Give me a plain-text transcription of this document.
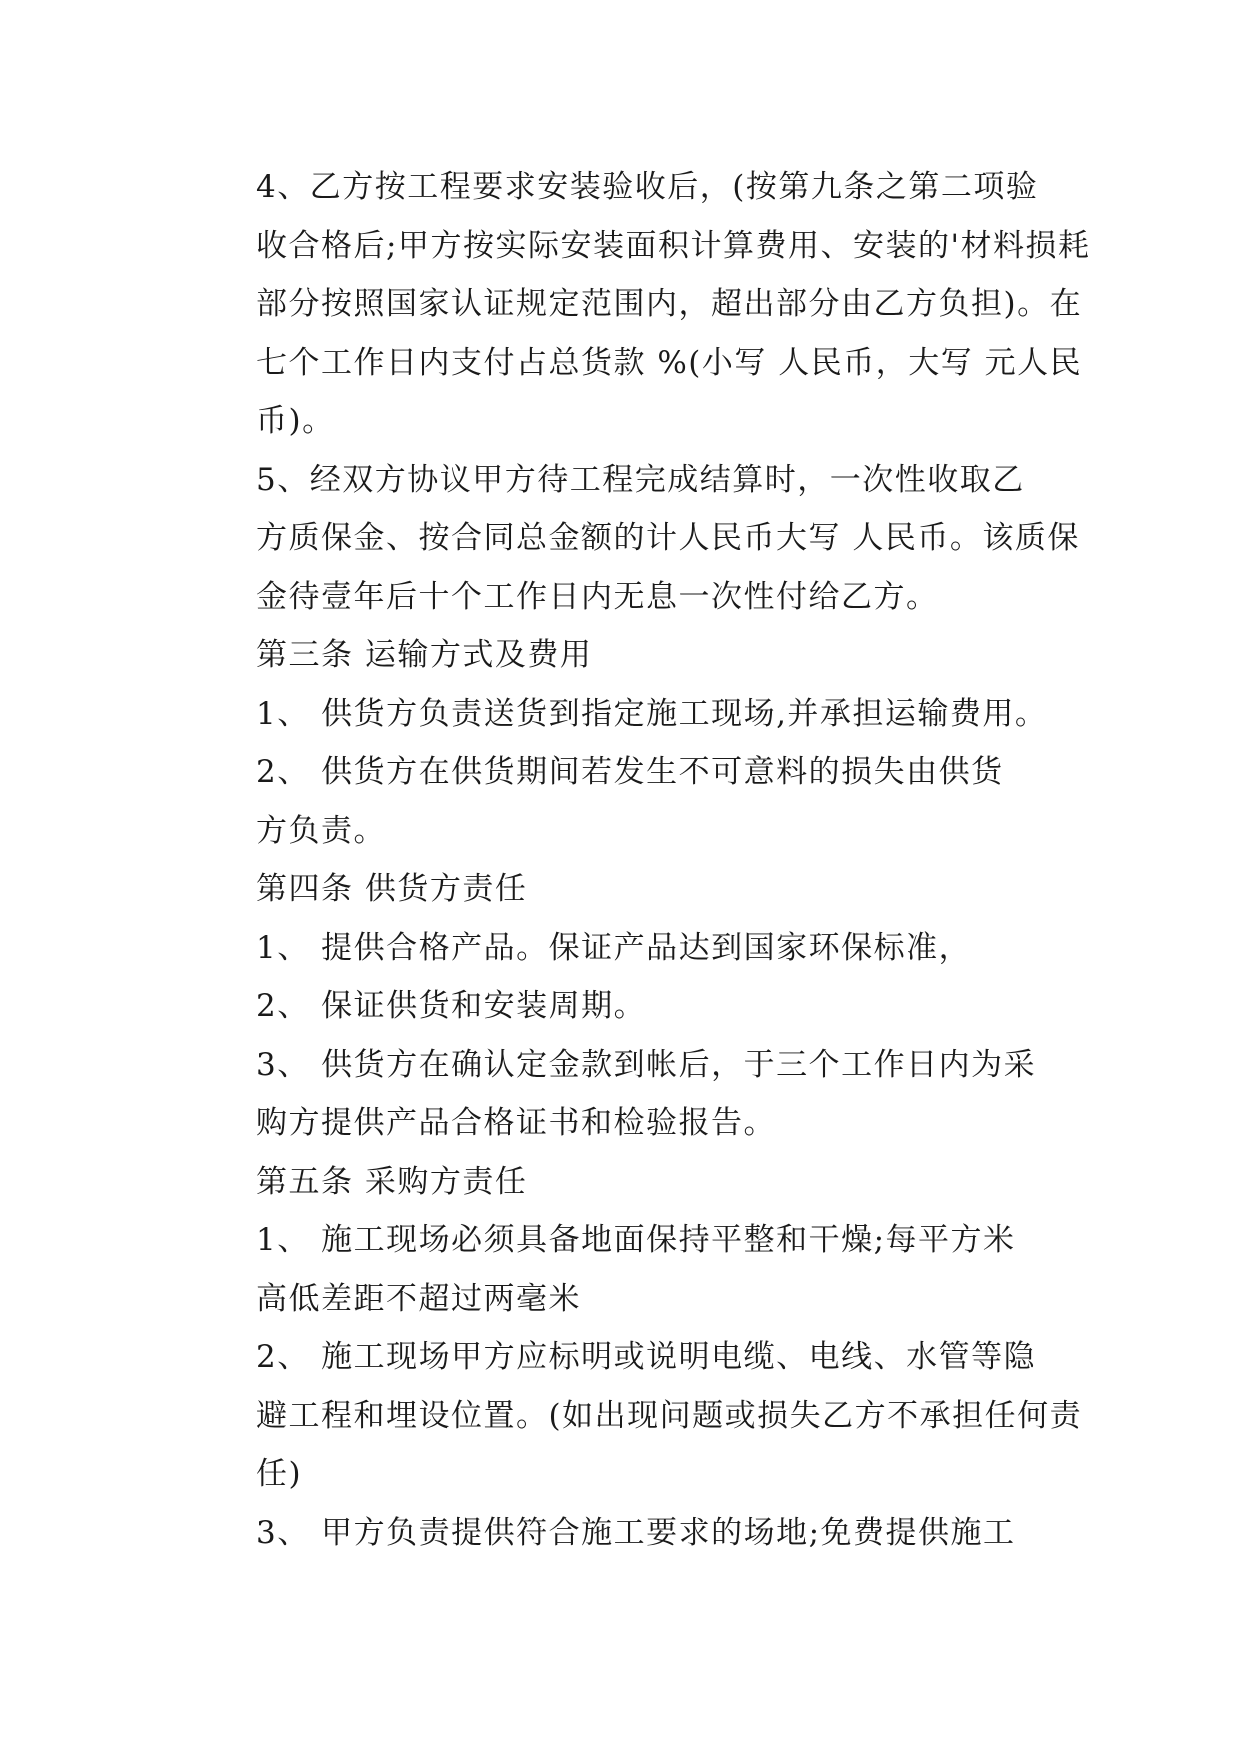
4、乙方按工程要求安装验收后，(按第九条之第二项验
收合格后;甲方按实际安装面积计算费用、安装的'材料损耗
部分按照国家认证规定范围内，超出部分由乙方负担)。在
七个工作日内支付占总货款 %(小写 人民币，大写 元人民
币)。

5、经双方协议甲方待工程完成结算时，一次性收取乙
方质保金、按合同总金额的计人民币大写 人民币。该质保
金待壹年后十个工作日内无息一次性付给乙方。

第三条 运输方式及费用

1、 供货方负责送货到指定施工现场,并承担运输费用。

2、 供货方在供货期间若发生不可意料的损失由供货
方负责。

第四条 供货方责任

1、 提供合格产品。保证产品达到国家环保标准，

2、 保证供货和安装周期。

3、 供货方在确认定金款到帐后，于三个工作日内为采
购方提供产品合格证书和检验报告。

第五条 采购方责任

1、 施工现场必须具备地面保持平整和干燥;每平方米
高低差距不超过两毫米

2、 施工现场甲方应标明或说明电缆、电线、水管等隐
避工程和埋设位置。(如出现问题或损失乙方不承担任何责
任)

3、 甲方负责提供符合施工要求的场地;免费提供施工
